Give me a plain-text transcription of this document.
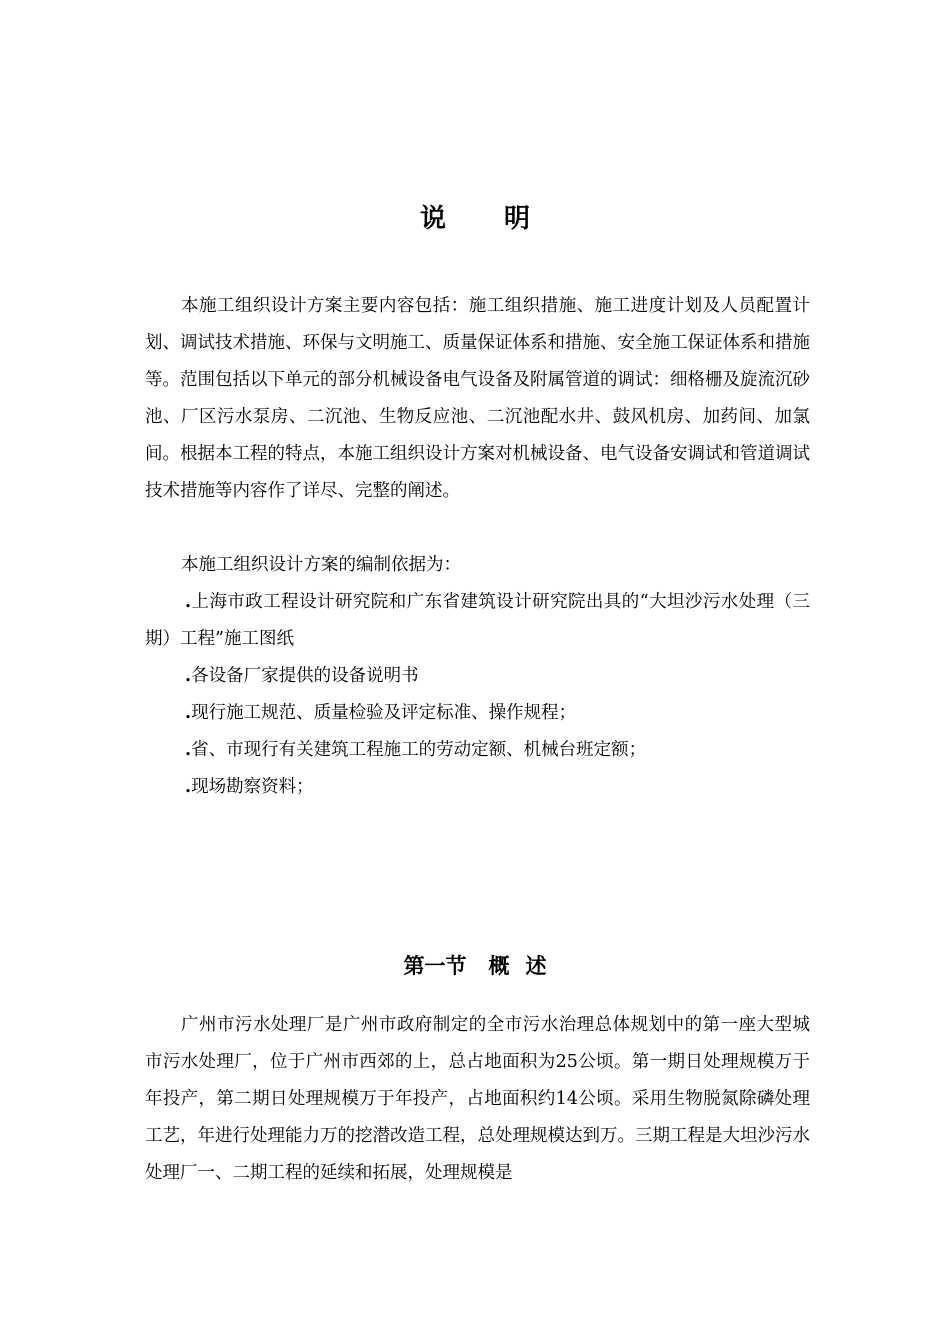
说明

本施工组织设计方案主要内容包括：施工组织措施、施工进度计划及人员配置计划、调试技术措施、环保与文明施工、质量保证体系和措施、安全施工保证体系和措施等。范围包括以下单元的部分机械设备电气设备及附属管道的调试：细格栅及旋流沉砂池、厂区污水泵房、二沉池、生物反应池、二沉池配水井、鼓风机房、加药间、加氯间。根据本工程的特点，本施工组织设计方案对机械设备、电气设备安调试和管道调试技术措施等内容作了详尽、完整的阐述。

本施工组织设计方案的编制依据为：

.上海市政工程设计研究院和广东省建筑设计研究院出具的“大坦沙污水处理（三期）工程”施工图纸

.各设备厂家提供的设备说明书

.现行施工规范、质量检验及评定标准、操作规程；

.省、市现行有关建筑工程施工的劳动定额、机械台班定额；

.现场勘察资料；

第一节 概 述

广州市污水处理厂是广州市政府制定的全市污水治理总体规划中的第一座大型城市污水处理厂，位于广州市西郊的上，总占地面积为25公顷。第一期日处理规模万于年投产，第二期日处理规模万于年投产，占地面积约14公顷。采用生物脱氮除磷处理工艺，年进行处理能力万的挖潜改造工程，总处理规模达到万。三期工程是大坦沙污水处理厂一、二期工程的延续和拓展，处理规模是
